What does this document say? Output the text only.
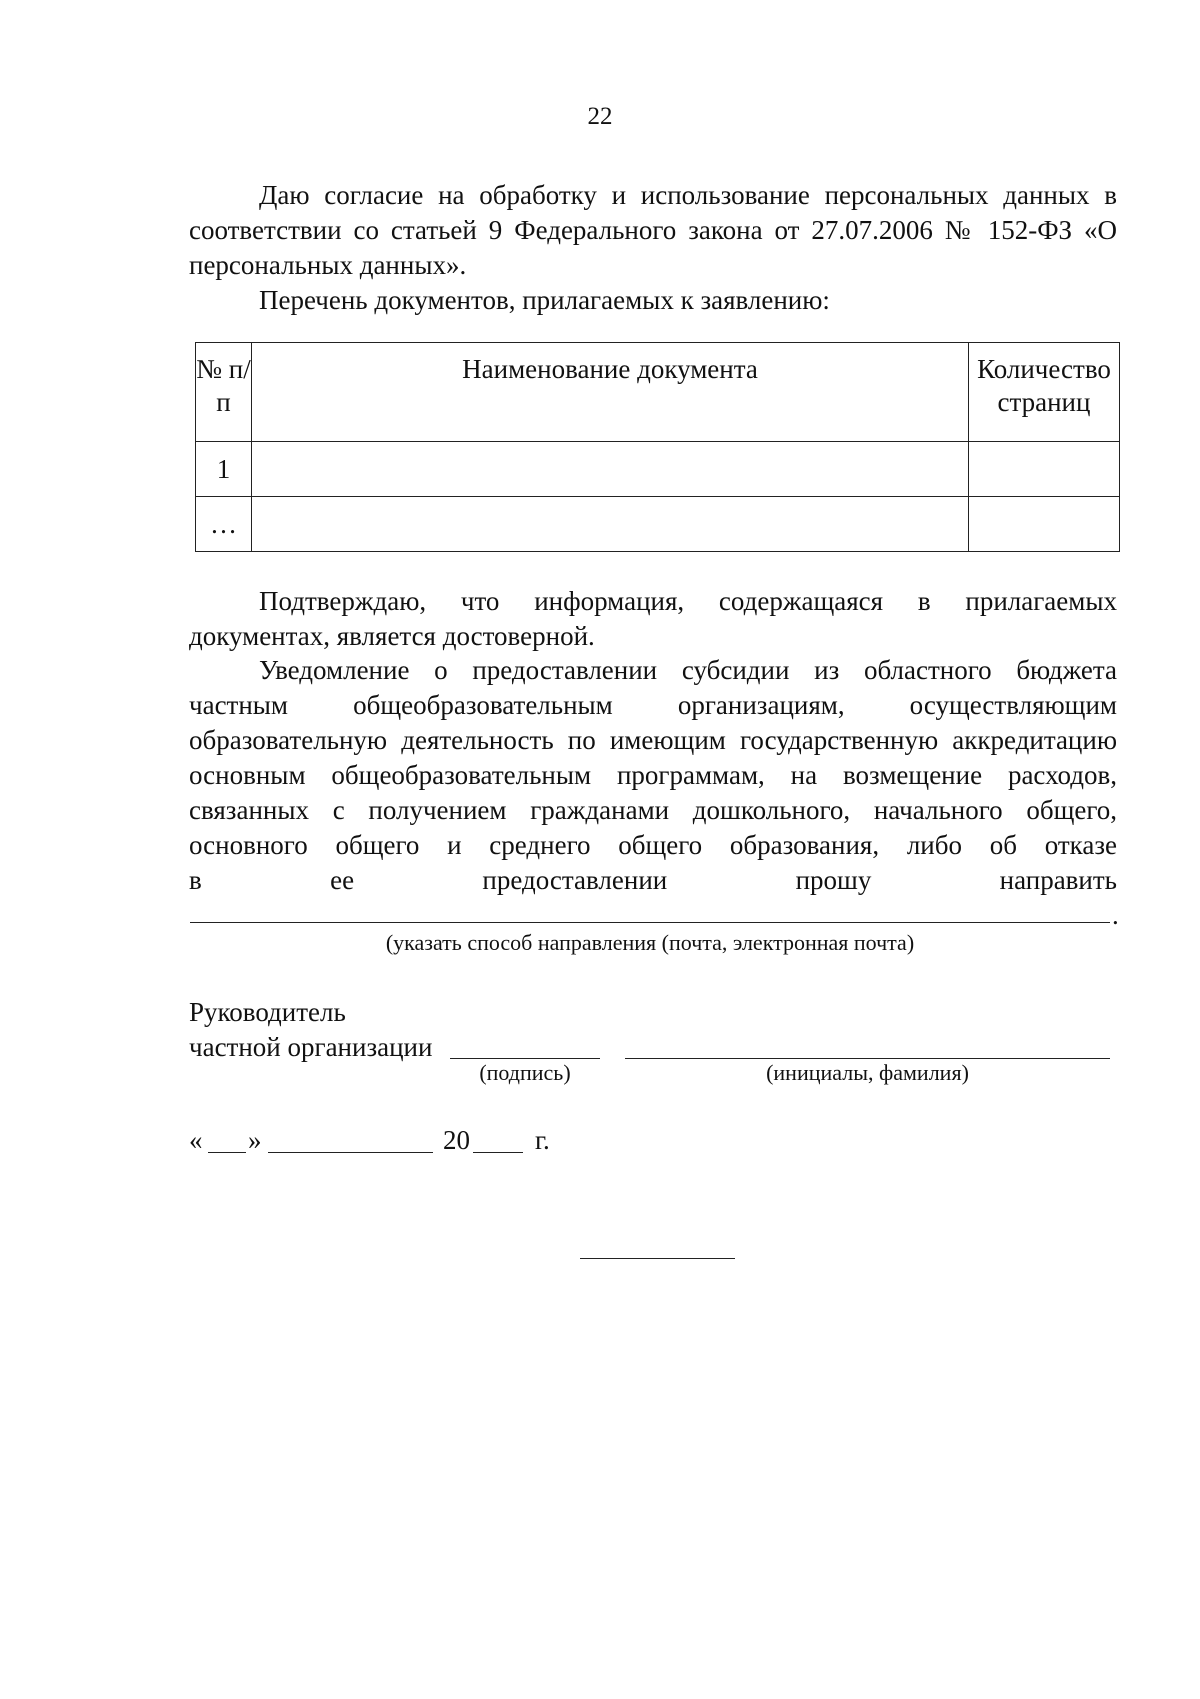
22

Даю согласие на обработку и использование персональных данных в соответствии со статьей 9 Федерального закона от 27.07.2006 № 152-ФЗ «О персональных данных».

Перечень документов, прилагаемых к заявлению:

№ п/п	Наименование документа	Количество страниц
1		
…		

Подтверждаю, что информация, содержащаяся в прилагаемых документах, является достоверной.

Уведомление о предоставлении субсидии из областного бюджета

частным общеобразовательным организациям, осуществляющим

образовательную деятельность по имеющим государственную аккредитацию

основным общеобразовательным программам, на возмещение расходов,

связанных с получением гражданами дошкольного, начального общего,

основного общего и среднего общего образования, либо об отказе

в ее предоставлении прошу направить

.
(указать способ направления (почта, электронная почта)
Руководитель
частной организации
(подпись)	(инициалы, фамилия)
« »	20 г.
